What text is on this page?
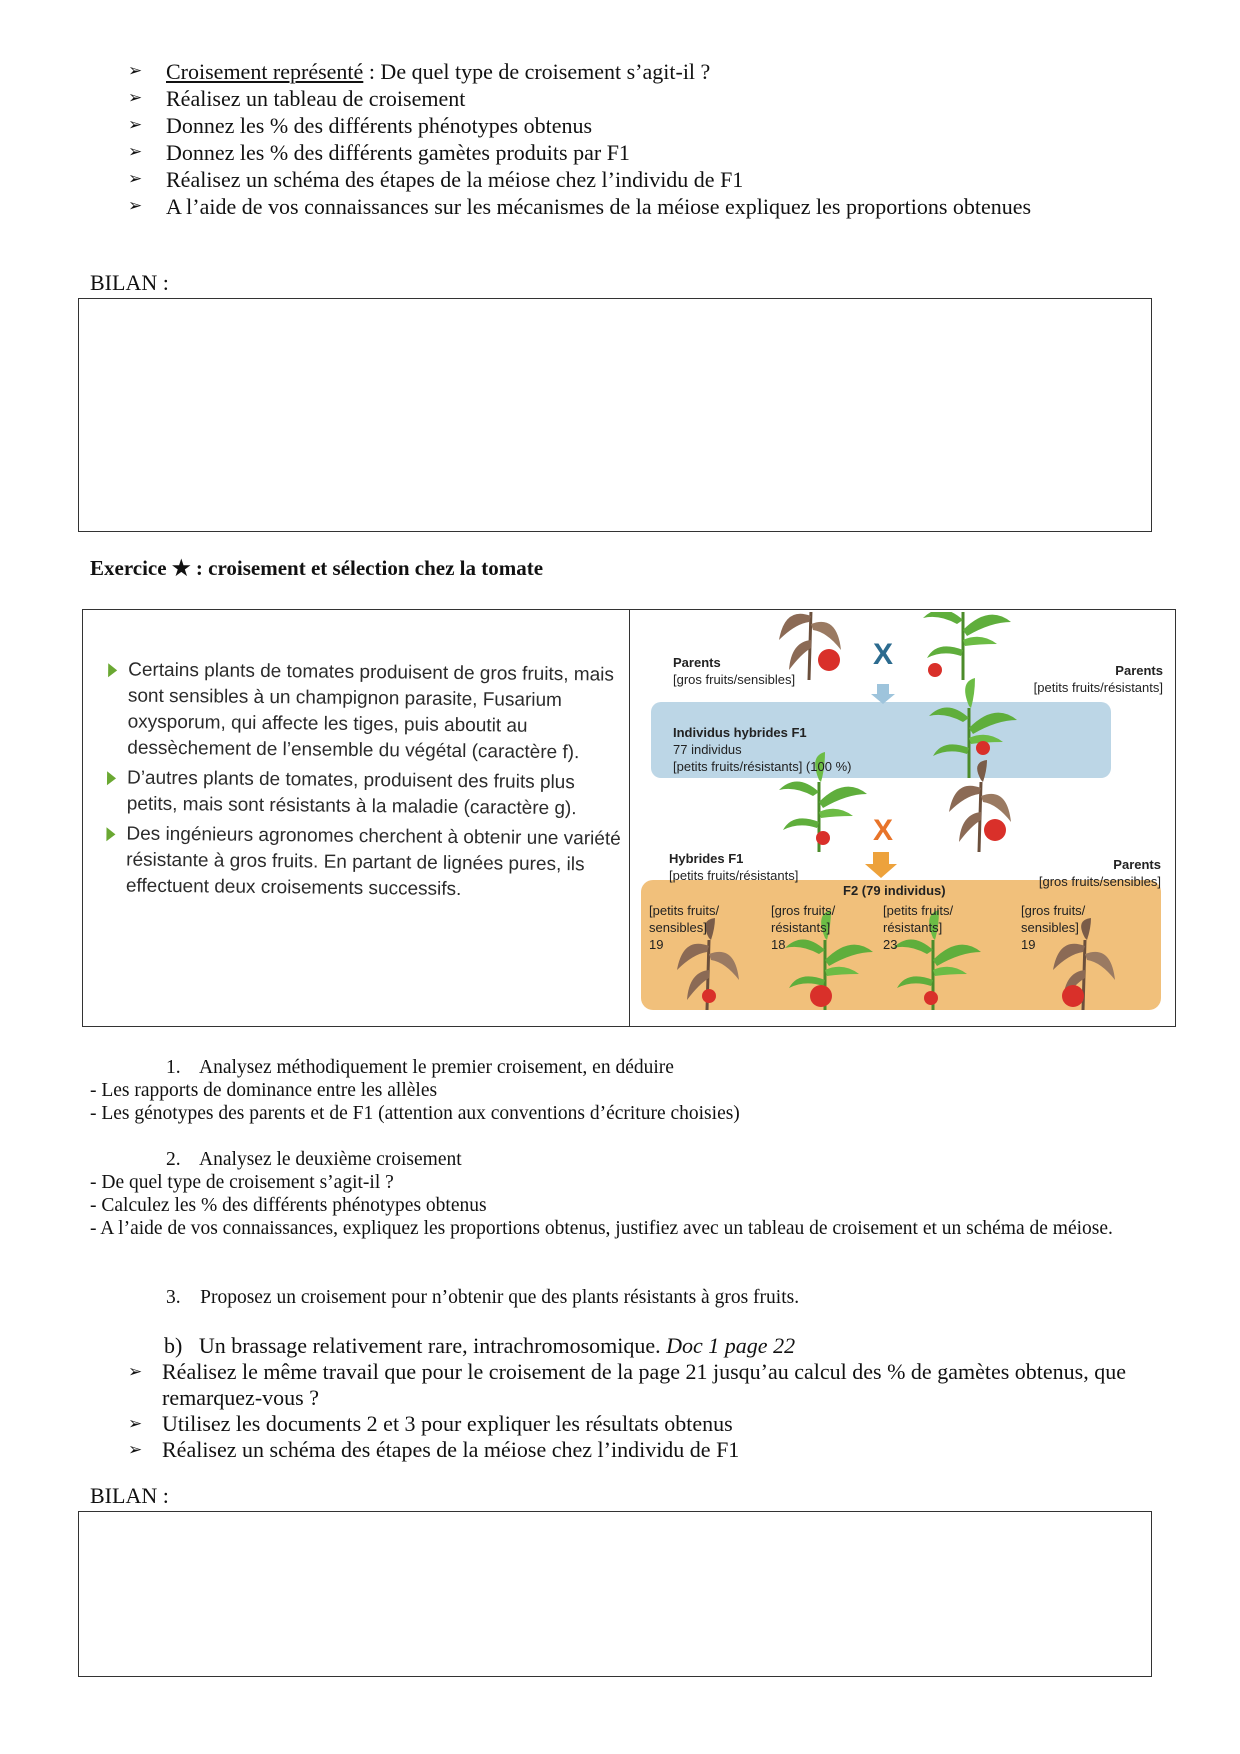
➢ Croisement représenté : De quel type de croisement s’agit-il ?
➢ Réalisez un tableau de croisement
➢ Donnez les % des différents phénotypes obtenus
➢ Donnez les % des différents gamètes produits par F1
➢ Réalisez un schéma des étapes de la méiose chez l’individu de F1
➢ A l’aide de vos connaissances sur les mécanismes de la méiose expliquez les proportions obtenues
BILAN :
Exercice ★ : croisement et sélection chez la tomate

Certains plants de tomates produisent de gros fruits, mais sont sensibles à un champignon parasite, Fusarium oxysporum, qui affecte les tiges, puis aboutit au dessèchement de l’ensemble du végétal (caractère f).

D’autres plants de tomates, produisent des fruits plus petits, mais sont résistants à la maladie (caractère g).

Des ingénieurs agronomes cherchent à obtenir une variété résistante à gros fruits. En partant de lignées pures, ils effectuent deux croisements successifs.

Parents
[gros fruits/sensibles]
X	Parents
[petits fruits/résistants]
Individus hybrides F1
77 individus
[petits fruits/résistants] (100 %)
Hybrides F1
[petits fruits/résistants]
X
Parents
[gros fruits/sensibles]
F2 (79 individus)
[petits fruits/
sensibles]
19
[gros fruits/
résistants]
18
[petits fruits/
résistants]
23
[gros fruits/
sensibles]
19
1.    Analysez méthodiquement le premier croisement, en déduire
- Les rapports de dominance entre les allèles
- Les génotypes des parents et de F1 (attention aux conventions d’écriture choisies)
2.    Analysez le deuxième croisement
- De quel type de croisement s’agit-il ?
- Calculez les % des différents phénotypes obtenus
- A l’aide de vos connaissances, expliquez les proportions obtenus, justifiez avec un tableau de croisement et un schéma de méiose.
3.    Proposez un croisement pour n’obtenir que des plants résistants à gros fruits.
b)   Un brassage relativement rare, intrachromosomique. Doc 1 page 22
➢ Réalisez le même travail que pour le croisement de la page 21 jusqu’au calcul des % de gamètes obtenus, que remarquez-vous ?
➢ Utilisez les documents 2 et 3 pour expliquer les résultats obtenus
➢ Réalisez un schéma des étapes de la méiose chez l’individu de F1
BILAN :
